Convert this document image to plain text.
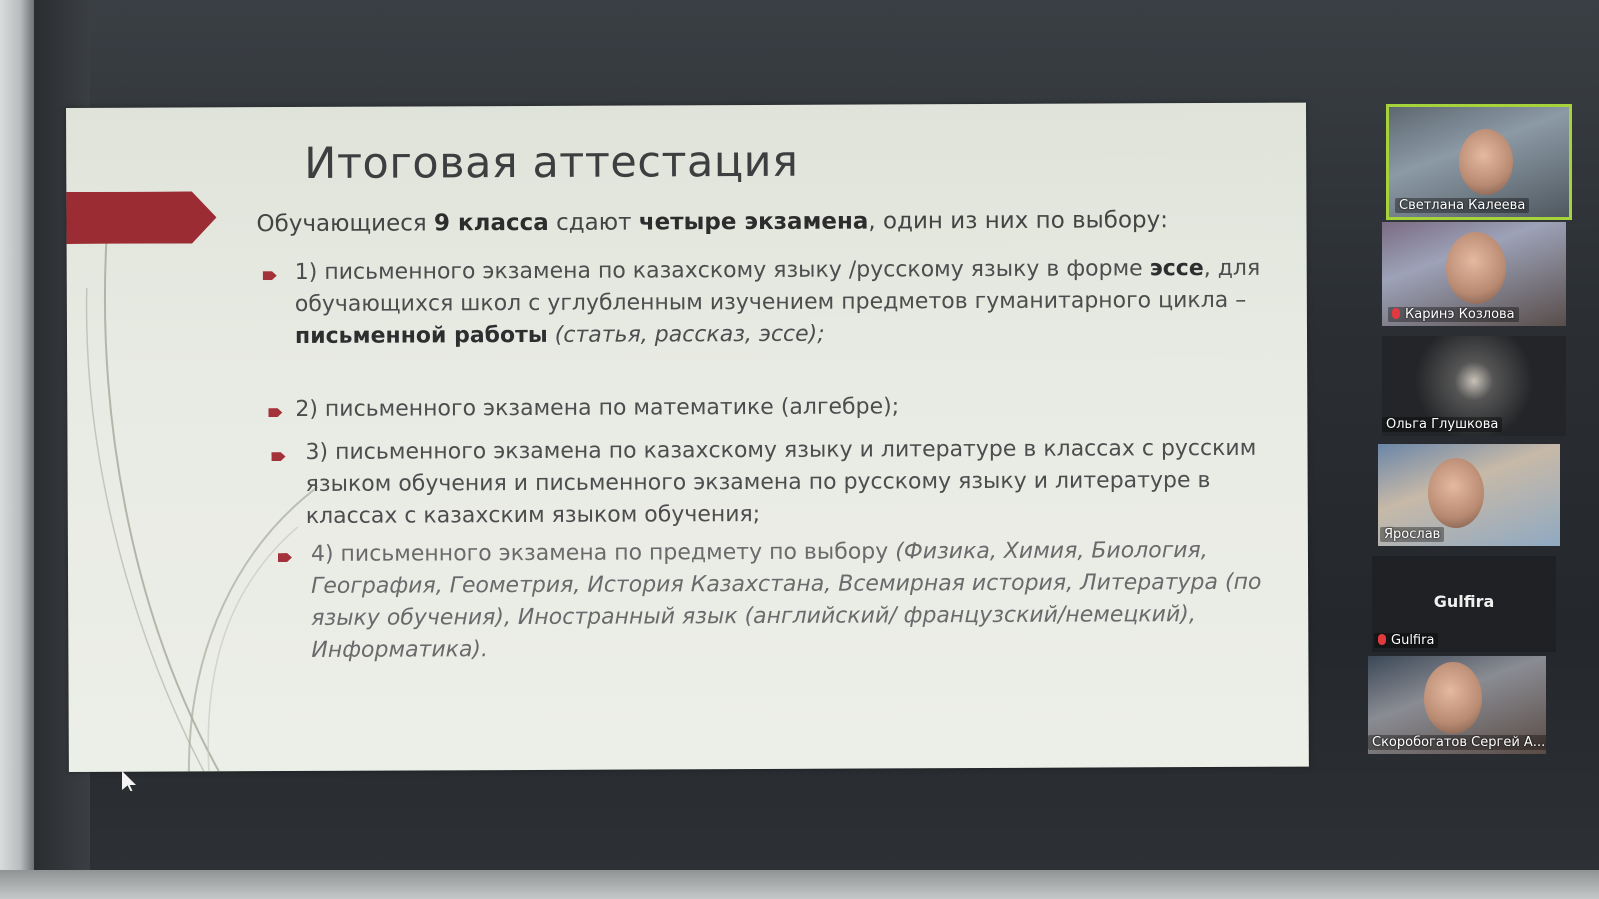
Итоговая аттестация
Обучающиеся 9 класса сдают четыре экзамена, один из них по выбору:
1) письменного экзамена по казахскому языку /русскому языку в форме эссе, для обучающихся школ с углубленным изучением предметов гуманитарного цикла – письменной работы (статья, рассказ, эссе);
2) письменного экзамена по математике (алгебре);
3) письменного экзамена по казахскому языку и литературе в классах с русским языком обучения и письменного экзамена по русскому языку и литературе в классах с казахским языком обучения;
4) письменного экзамена по предмету по выбору (Физика, Химия, Биология, География, Геометрия, История Казахстана, Всемирная история, Литература (по языку обучения), Иностранный язык (английский/ французский/немецкий), Информатика).
Светлана Калеева
Каринэ Козлова
Ольга Глушкова
Ярослав
Gulfira
Gulfira
Скоробогатов Сергей А...
